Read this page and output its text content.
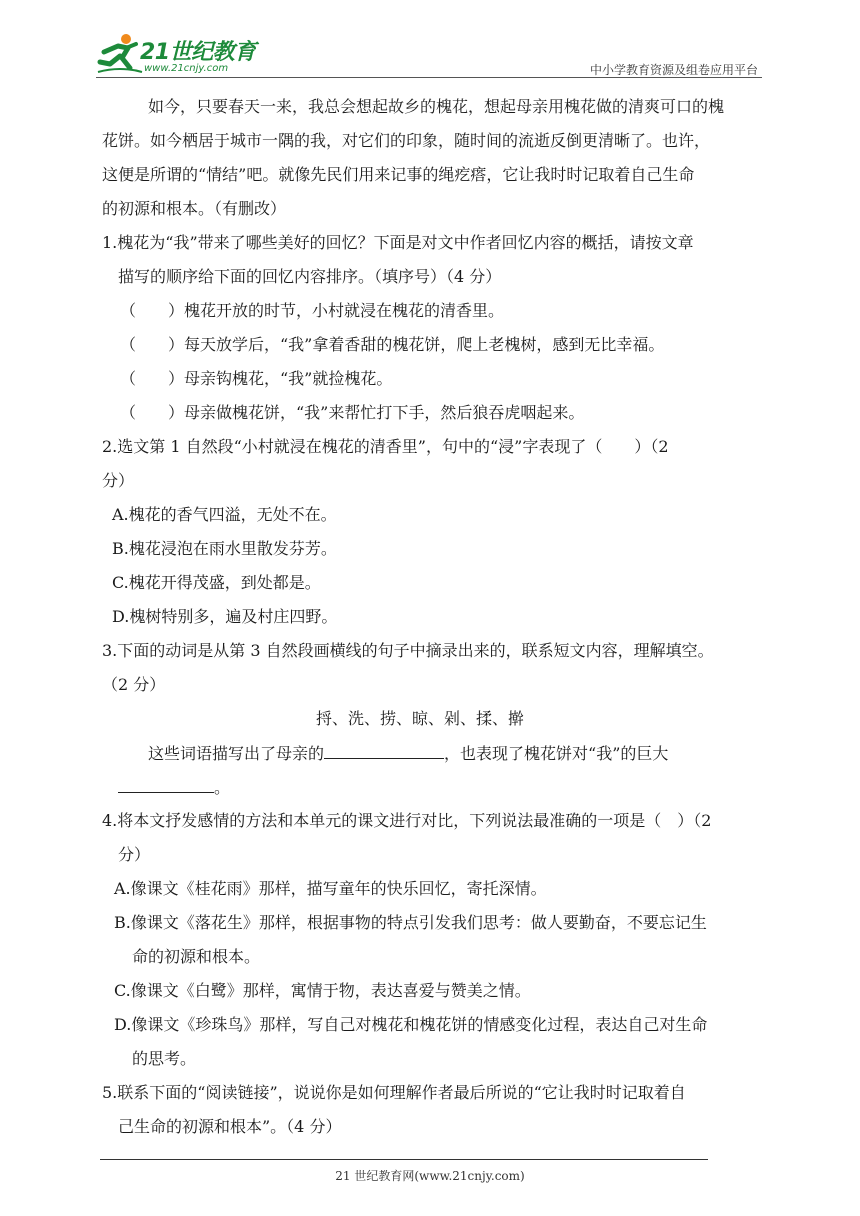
21世纪教育
www.21cnjy.com	中小学教育资源及组卷应用平台
如今，只要春天一来，我总会想起故乡的槐花，想起母亲用槐花做的清爽可口的槐
花饼。如今栖居于城市一隅的我，对它们的印象，随时间的流逝反倒更清晰了。也许，
这便是所谓的“情结”吧。就像先民们用来记事的绳疙瘩，它让我时时记取着自己生命
的初源和根本。（有删改）
1.槐花为“我”带来了哪些美好的回忆？下面是对文中作者回忆内容的概括，请按文章
描写的顺序给下面的回忆内容排序。（填序号）（4 分）
（　　）槐花开放的时节，小村就浸在槐花的清香里。
（　　）每天放学后，“我”拿着香甜的槐花饼，爬上老槐树，感到无比幸福。
（　　）母亲钩槐花，“我”就捡槐花。
（　　）母亲做槐花饼，“我”来帮忙打下手，然后狼吞虎咽起来。
2.选文第 1 自然段“小村就浸在槐花的清香里”，句中的“浸”字表现了（　　）（2
分）
A.槐花的香气四溢，无处不在。
B.槐花浸泡在雨水里散发芬芳。
C.槐花开得茂盛，到处都是。
D.槐树特别多，遍及村庄四野。
3.下面的动词是从第 3 自然段画横线的句子中摘录出来的，联系短文内容，理解填空。
（2 分）
捋、洗、捞、晾、剁、揉、擀
这些词语描写出了母亲的	，也表现了槐花饼对“我”的巨大
。
4.将本文抒发感情的方法和本单元的课文进行对比，下列说法最准确的一项是（　）（2
分）
A.像课文《桂花雨》那样，描写童年的快乐回忆，寄托深情。
B.像课文《落花生》那样，根据事物的特点引发我们思考：做人要勤奋，不要忘记生
命的初源和根本。
C.像课文《白鹭》那样，寓情于物，表达喜爱与赞美之情。
D.像课文《珍珠鸟》那样，写自己对槐花和槐花饼的情感变化过程，表达自己对生命
的思考。
5.联系下面的“阅读链接”，说说你是如何理解作者最后所说的“它让我时时记取着自
己生命的初源和根本”。（4 分）
21 世纪教育网(www.21cnjy.com)
